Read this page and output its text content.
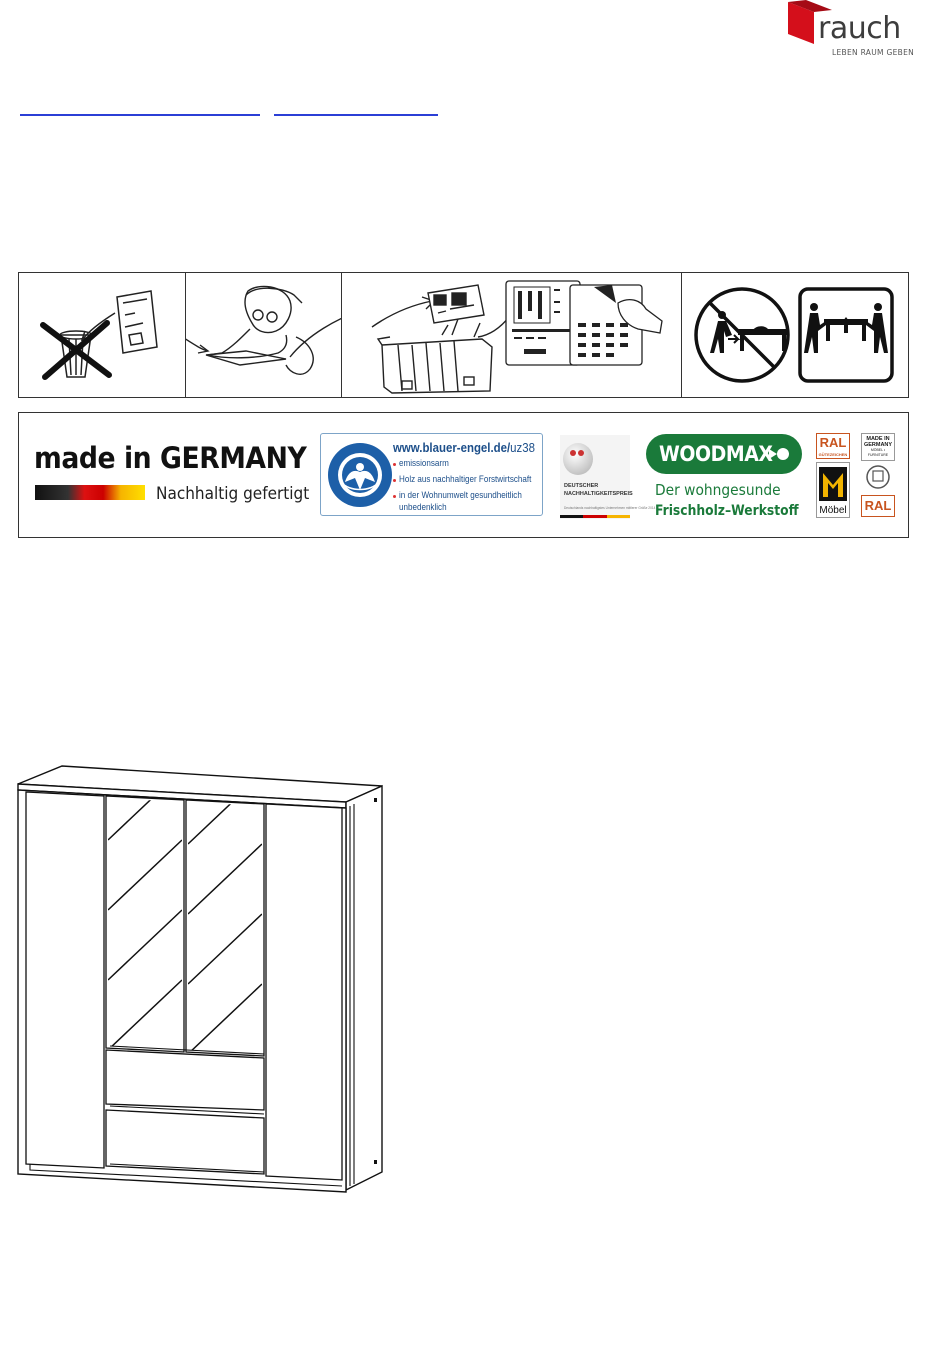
rauch
LEBEN RAUM GEBEN
made in GERMANY
Nachhaltig gefertigt
www.blauer-engel.de/uz38
emissionsarm
Holz aus nachhaltiger Forstwirtschaft
in der Wohnumwelt gesundheitlich
unbedenklich
DEUTSCHER
NACHHALTIGKEITSPREIS
Deutschlands nachhaltigstes Unternehmen mittlerer Größe 2014
WOODMAX
Der wohngesunde
Frischholz–Werkstoff
RAL
GÜTEZEICHEN
Möbel
MADE IN GERMANY
MÖBEL • FURNITURE
RAL
